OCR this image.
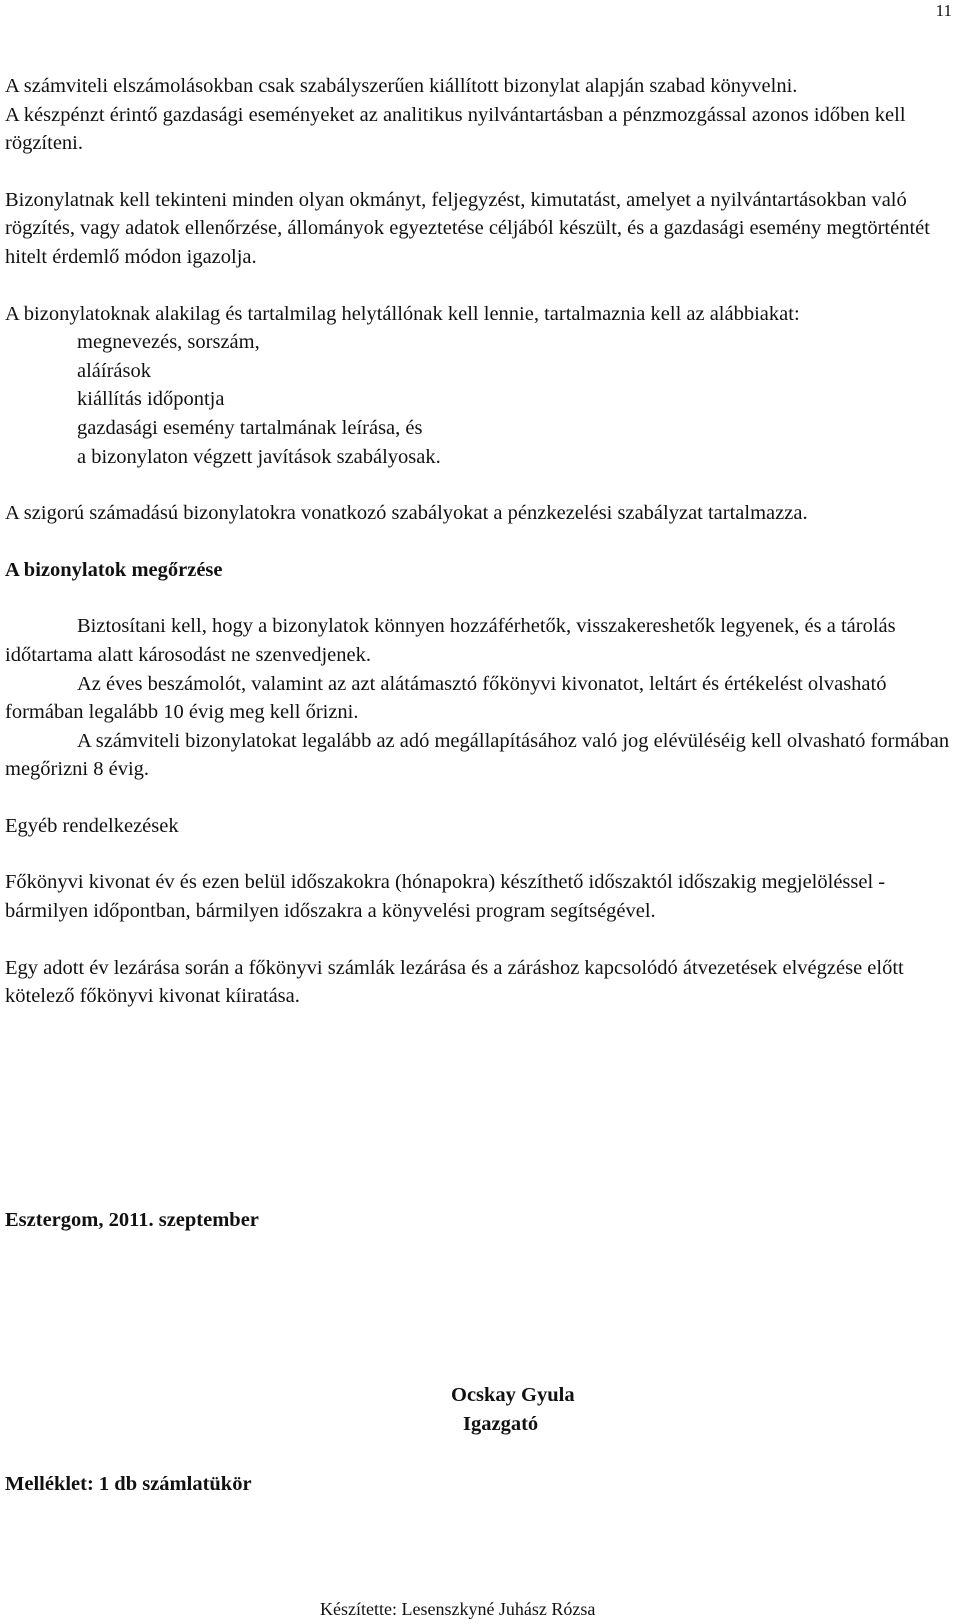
11

A számviteli elszámolásokban csak szabályszerűen kiállított bizonylat alapján szabad könyvelni.

A készpénzt érintő gazdasági eseményeket az analitikus nyilvántartásban a pénzmozgással azonos időben kell rögzíteni.

Bizonylatnak kell tekinteni minden olyan okmányt, feljegyzést, kimutatást, amelyet a nyilvántartásokban való rögzítés, vagy adatok ellenőrzése, állományok egyeztetése céljából készült, és a gazdasági esemény megtörténtét hitelt érdemlő módon igazolja.

A bizonylatoknak alakilag és tartalmilag helytállónak kell lennie, tartalmaznia kell az alábbiakat:

megnevezés, sorszám,
aláírások
kiállítás időpontja
gazdasági esemény tartalmának leírása, és
a bizonylaton végzett javítások szabályosak.

A szigorú számadású bizonylatokra vonatkozó szabályokat a pénzkezelési szabályzat tartalmazza.

A bizonylatok megőrzése

Biztosítani kell, hogy a bizonylatok könnyen hozzáférhetők, visszakereshetők legyenek, és a tárolás időtartama alatt károsodást ne szenvedjenek.

Az éves beszámolót, valamint az azt alátámasztó főkönyvi kivonatot, leltárt és értékelést olvasható formában legalább 10 évig meg kell őrizni.

A számviteli bizonylatokat legalább az adó megállapításához való jog elévüléséig kell olvasható formában megőrizni 8 évig.

Egyéb rendelkezések

Főkönyvi kivonat év és ezen belül időszakokra (hónapokra) készíthető időszaktól időszakig megjelöléssel - bármilyen időpontban, bármilyen időszakra a könyvelési program segítségével.

Egy adott év lezárása során a főkönyvi számlák lezárása és a záráshoz kapcsolódó átvezetések elvégzése előtt kötelező főkönyvi kivonat kíiratása.

Esztergom, 2011. szeptember
Ocskay Gyula
Igazgató
Melléklet: 1 db számlatükör
Készítette: Lesenszkyné Juhász Rózsa
